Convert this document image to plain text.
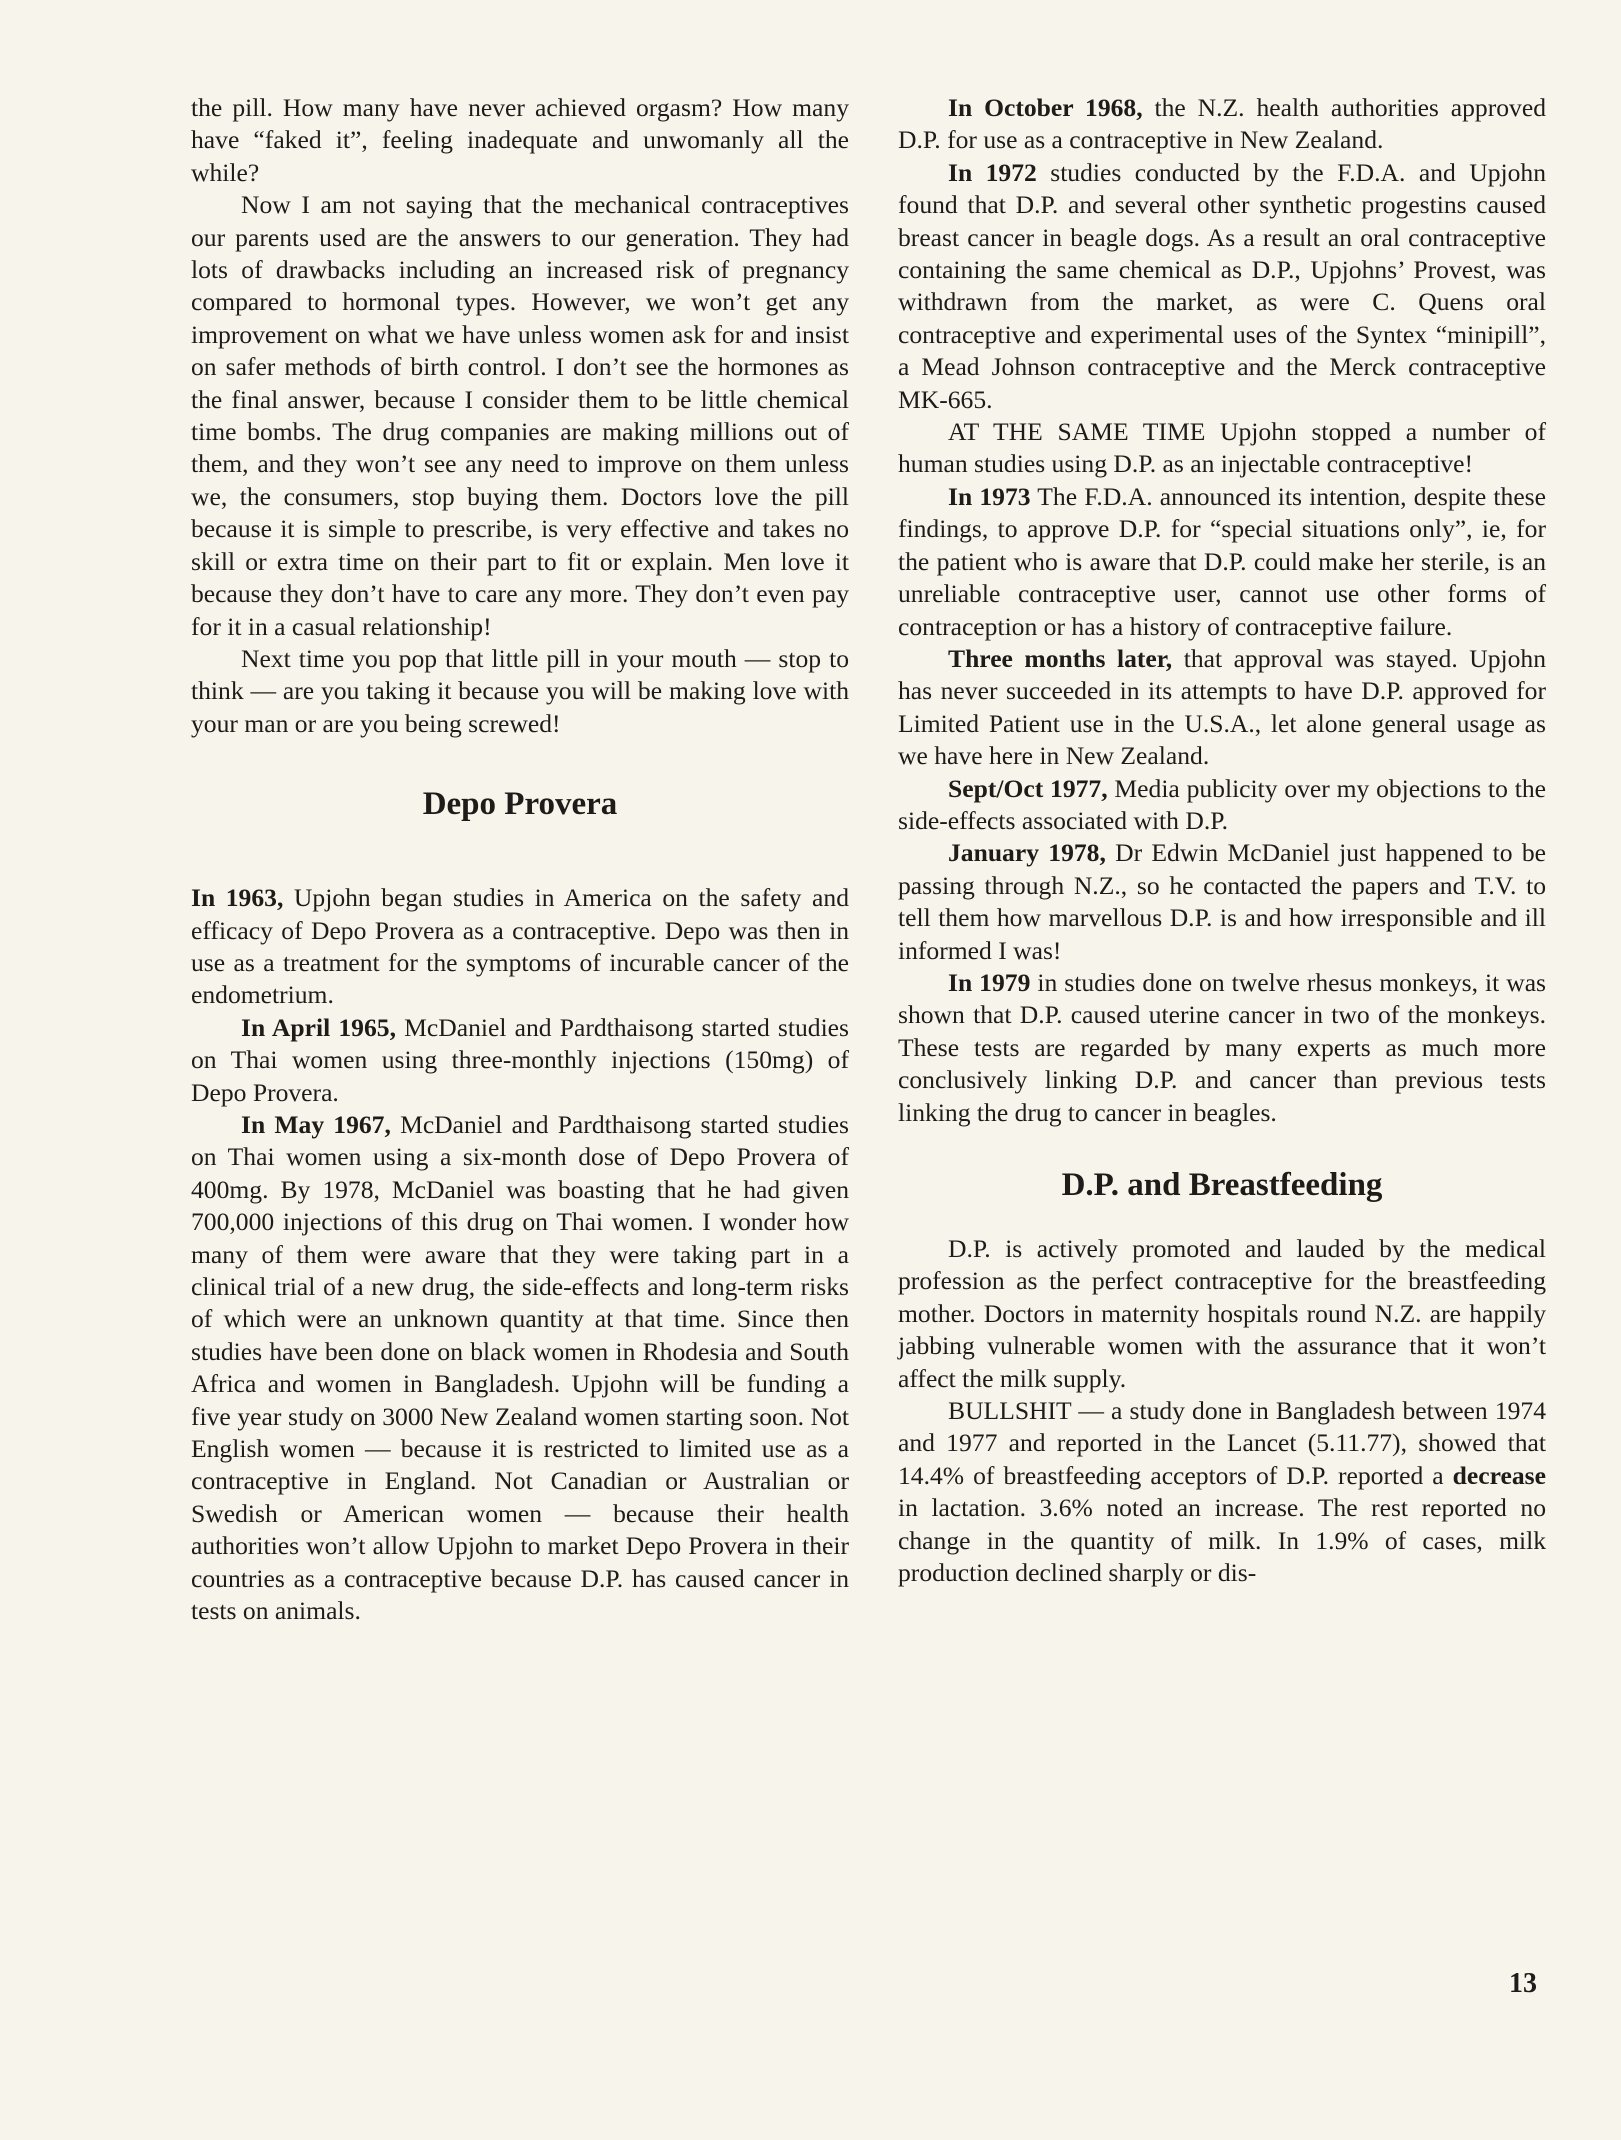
the pill. How many have never achieved orgasm? How many have “faked it”, feeling inadequate and unwomanly all the while?

Now I am not saying that the mechanical contraceptives our parents used are the answers to our generation. They had lots of drawbacks including an increased risk of pregnancy compared to hormonal types. However, we won’t get any improvement on what we have unless women ask for and insist on safer methods of birth control. I don’t see the hormones as the final answer, because I consider them to be little chemical time bombs. The drug companies are making millions out of them, and they won’t see any need to improve on them unless we, the consumers, stop buying them. Doctors love the pill because it is simple to prescribe, is very effective and takes no skill or extra time on their part to fit or explain. Men love it because they don’t have to care any more. They don’t even pay for it in a casual relationship!

Next time you pop that little pill in your mouth — stop to think — are you taking it because you will be making love with your man or are you being screwed!

Depo Provera

In 1963, Upjohn began studies in America on the safety and efficacy of Depo Provera as a contraceptive. Depo was then in use as a treatment for the symptoms of incurable cancer of the endometrium.

In April 1965, McDaniel and Pardthaisong started studies on Thai women using three-monthly injections (150mg) of Depo Provera.

In May 1967, McDaniel and Pardthaisong started studies on Thai women using a six-month dose of Depo Provera of 400mg. By 1978, McDaniel was boasting that he had given 700,000 injections of this drug on Thai women. I wonder how many of them were aware that they were taking part in a clinical trial of a new drug, the side-effects and long-term risks of which were an unknown quantity at that time. Since then studies have been done on black women in Rhodesia and South Africa and women in Bangladesh. Upjohn will be funding a five year study on 3000 New Zealand women starting soon. Not English women — because it is restricted to limited use as a contraceptive in England. Not Canadian or Australian or Swedish or American women — because their health authorities won’t allow Upjohn to market Depo Provera in their countries as a contraceptive because D.P. has caused cancer in tests on animals.

In October 1968, the N.Z. health authorities approved D.P. for use as a contraceptive in New Zealand.

In 1972 studies conducted by the F.D.A. and Upjohn found that D.P. and several other synthetic progestins caused breast cancer in beagle dogs. As a result an oral contraceptive containing the same chemical as D.P., Upjohns’ Provest, was withdrawn from the market, as were C. Quens oral contraceptive and experimental uses of the Syntex “minipill”, a Mead Johnson contraceptive and the Merck contraceptive MK-665.

AT THE SAME TIME Upjohn stopped a number of human studies using D.P. as an injectable contraceptive!

In 1973 The F.D.A. announced its intention, despite these findings, to approve D.P. for “special situations only”, ie, for the patient who is aware that D.P. could make her sterile, is an unreliable contraceptive user, cannot use other forms of contraception or has a history of contraceptive failure.

Three months later, that approval was stayed. Upjohn has never succeeded in its attempts to have D.P. approved for Limited Patient use in the U.S.A., let alone general usage as we have here in New Zealand.

Sept/Oct 1977, Media publicity over my objections to the side-effects associated with D.P.

January 1978, Dr Edwin McDaniel just happened to be passing through N.Z., so he contacted the papers and T.V. to tell them how marvellous D.P. is and how irresponsible and ill informed I was!

In 1979 in studies done on twelve rhesus monkeys, it was shown that D.P. caused uterine cancer in two of the monkeys. These tests are regarded by many experts as much more conclusively linking D.P. and cancer than previous tests linking the drug to cancer in beagles.

D.P. and Breastfeeding

D.P. is actively promoted and lauded by the medical profession as the perfect contraceptive for the breastfeeding mother. Doctors in maternity hospitals round N.Z. are happily jabbing vulnerable women with the assurance that it won’t affect the milk supply.

BULLSHIT — a study done in Bangladesh between 1974 and 1977 and reported in the Lancet (5.11.77), showed that 14.4% of breastfeeding acceptors of D.P. reported a decrease in lactation. 3.6% noted an increase. The rest reported no change in the quantity of milk. In 1.9% of cases, milk production declined sharply or dis-

13
